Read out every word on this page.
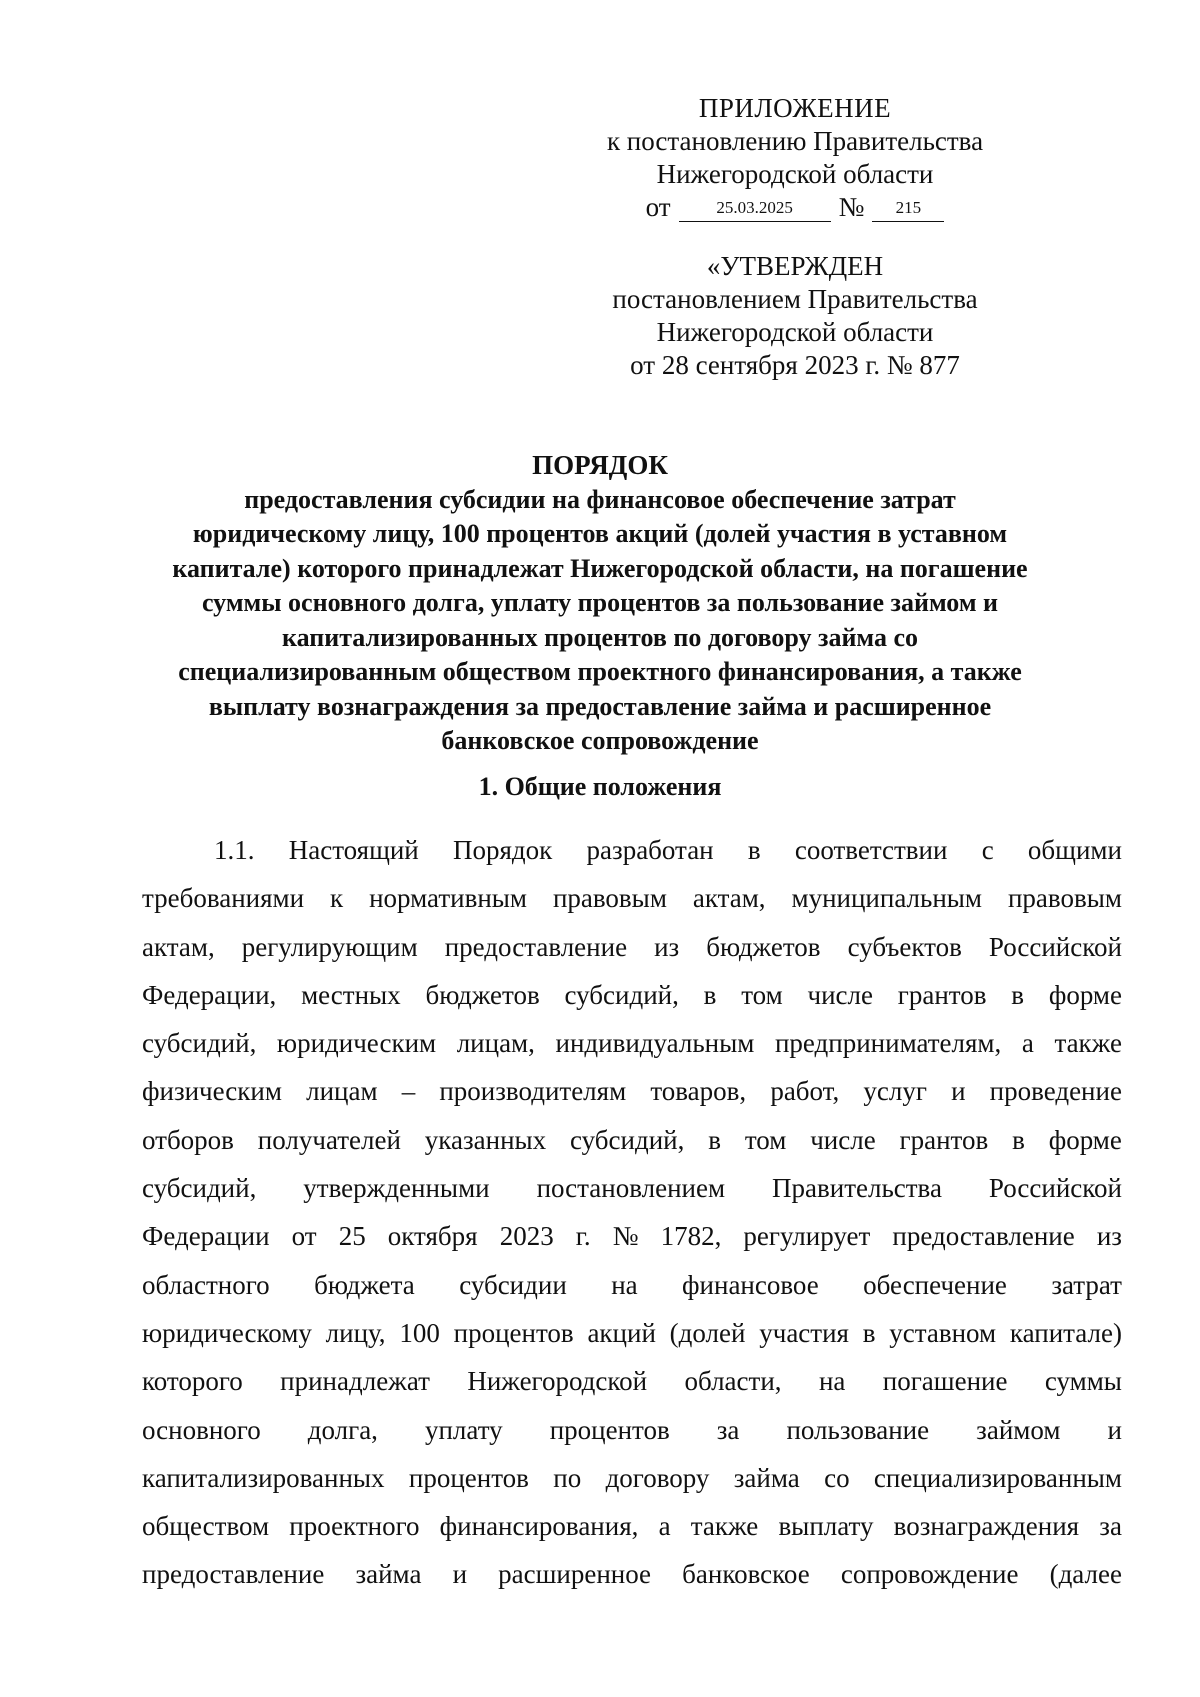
ПРИЛОЖЕНИЕ
к постановлению Правительства
Нижегородской области
от	25.03.2025	№	215
«УТВЕРЖДЕН
постановлением Правительства
Нижегородской области
от 28 сентября 2023 г. № 877
ПОРЯДОК
предоставления субсидии на финансовое обеспечение затрат
юридическому лицу, 100 процентов акций (долей участия в уставном
капитале) которого принадлежат Нижегородской области, на погашение
суммы основного долга, уплату процентов за пользование займом и
капитализированных процентов по договору займа со
специализированным обществом проектного финансирования, а также
выплату вознаграждения за предоставление займа и расширенное
банковское сопровождение
1. Общие положения
1.1. Настоящий Порядок разработан в соответствии с общими
требованиями к нормативным правовым актам, муниципальным правовым
актам, регулирующим предоставление из бюджетов субъектов Российской
Федерации, местных бюджетов субсидий, в том числе грантов в форме
субсидий, юридическим лицам, индивидуальным предпринимателям, а также
физическим лицам – производителям товаров, работ, услуг и проведение
отборов получателей указанных субсидий, в том числе грантов в форме
субсидий, утвержденными постановлением Правительства Российской
Федерации от 25 октября 2023 г. № 1782, регулирует предоставление из
областного бюджета субсидии на финансовое обеспечение затрат
юридическому лицу, 100 процентов акций (долей участия в уставном капитале)
которого принадлежат Нижегородской области, на погашение суммы
основного долга, уплату процентов за пользование займом и
капитализированных процентов по договору займа со специализированным
обществом проектного финансирования, а также выплату вознаграждения за
предоставление займа и расширенное банковское сопровождение (далее
